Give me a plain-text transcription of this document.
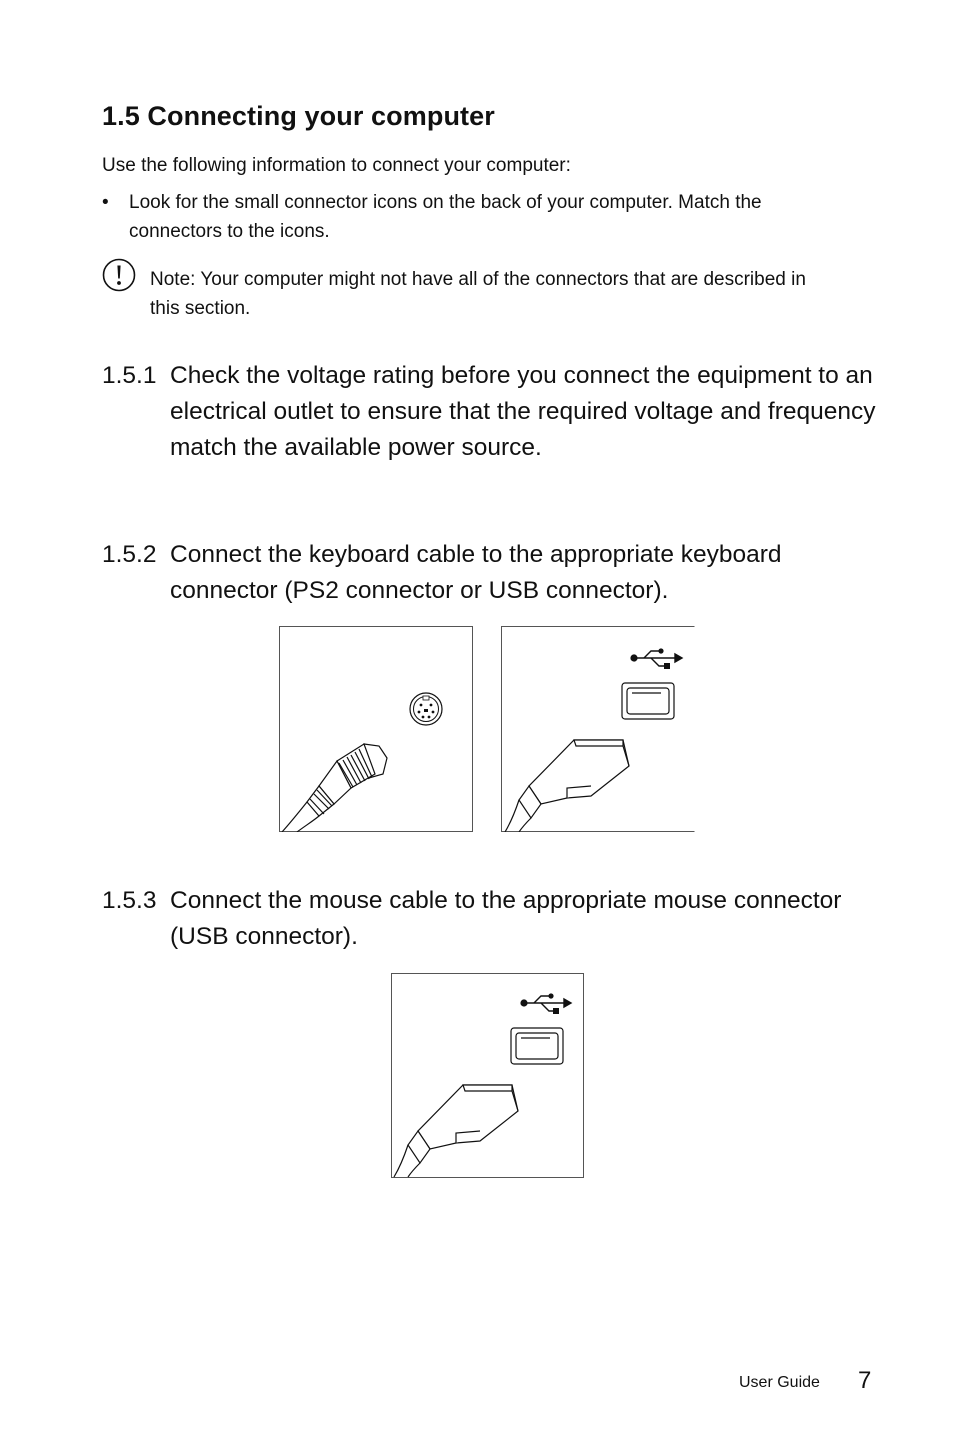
1.5 Connecting your computer

Use the following information to connect your computer:

• Look for the small connector icons on the back of your computer. Match the connectors to the icons.
Note: Your computer might not have all of the connectors that are described in this section.
1.5.1 Check the voltage rating before you connect the equipment to an electrical outlet to ensure that the required voltage and frequency match the available power source.
1.5.2 Connect the keyboard cable to the appropriate keyboard connector (PS2 connector or USB connector).
1.5.3 Connect the mouse cable to the appropriate mouse connector (USB connector).
User Guide 7
